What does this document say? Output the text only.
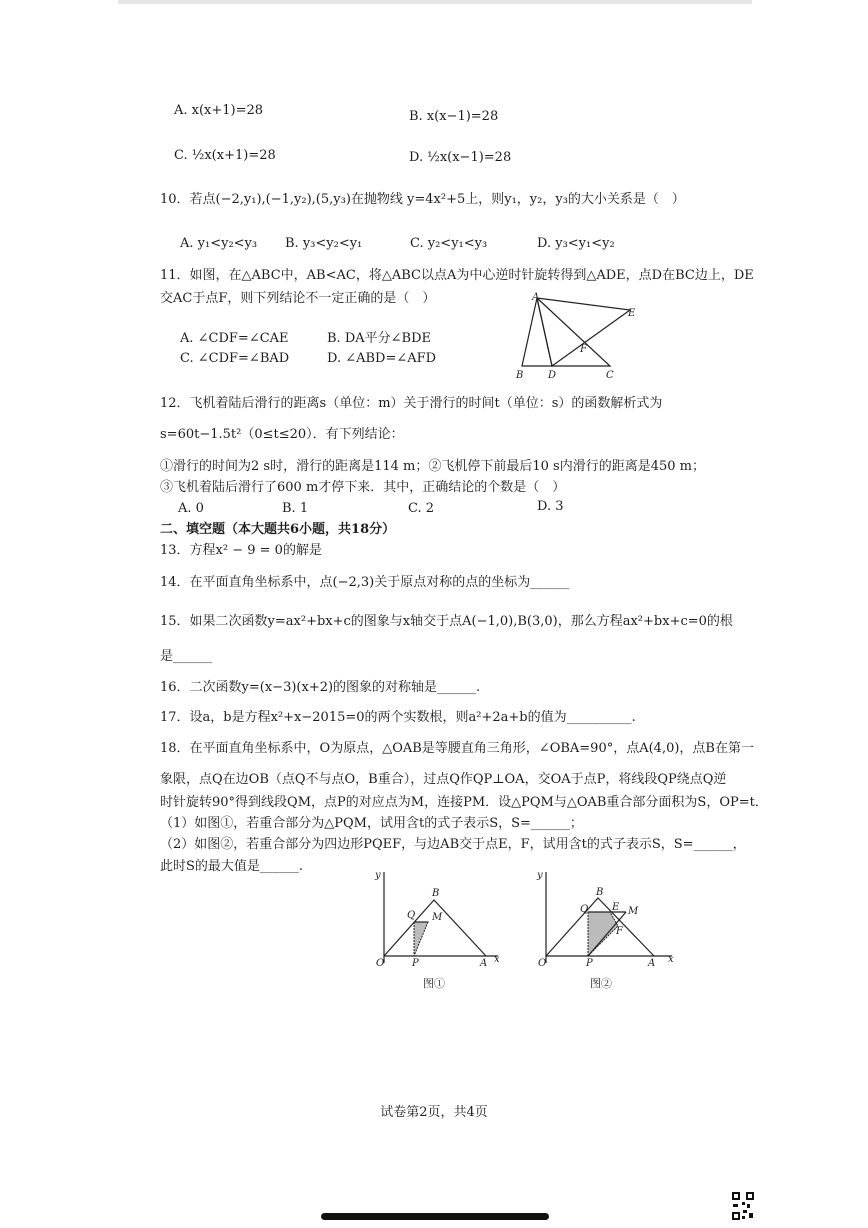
A. x(x+1)=28	B. x(x−1)=28
C. ½x(x+1)=28	D. ½x(x−1)=28
10．若点(−2,y₁),(−1,y₂),(5,y₃)在抛物线 y=4x²+5上，则y₁，y₂，y₃的大小关系是（　）
A. y₁<y₂<y₃ B. y₃<y₂<y₁	C. y₂<y₁<y₃	D. y₃<y₁<y₂
11．如图，在△ABC中，AB<AC，将△ABC以点A为中心逆时针旋转得到△ADE，点D在BC边上，DE
交AC于点F，则下列结论不一定正确的是（　）
A. ∠CDF=∠CAE	B. DA平分∠BDE
C. ∠CDF=∠BAD	D. ∠ABD=∠AFD
A
E
F
B D	C
12．飞机着陆后滑行的距离s（单位：m）关于滑行的时间t（单位：s）的函数解析式为
s=60t−1.5t²（0≤t≤20）．有下列结论：
①滑行的时间为2 s时，滑行的距离是114 m；②飞机停下前最后10 s内滑行的距离是450 m；
③飞机着陆后滑行了600 m才停下来．其中，正确结论的个数是（　）
A. 0	B. 1	C. 2	D. 3
二、填空题（本大题共6小题，共18分）
13．方程x² − 9 = 0的解是
14．在平面直角坐标系中，点(−2,3)关于原点对称的点的坐标为______
15．如果二次函数y=ax²+bx+c的图象与x轴交于点A(−1,0),B(3,0)，那么方程ax²+bx+c=0的根
是______
16．二次函数y=(x−3)(x+2)的图象的对称轴是______.
17．设a，b是方程x²+x−2015=0的两个实数根，则a²+2a+b的值为__________.
18．在平面直角坐标系中，O为原点，△OAB是等腰直角三角形，∠OBA=90°，点A(4,0)，点B在第一
象限，点Q在边OB（点Q不与点O，B重合），过点Q作QP⊥OA，交OA于点P，将线段QP绕点Q逆
时针旋转90°得到线段QM，点P的对应点为M，连接PM．设△PQM与△OAB重合部分面积为S，OP=t．
（1）如图①，若重合部分为△PQM，试用含t的式子表示S，S=______；
（2）如图②，若重合部分为四边形PQEF，与边AB交于点E，F，试用含t的式子表示S，S=______，
此时S的最大值是______.
y
B
Q M
O	P	A x
图①
y
B
Q E M
F
O	P	A x
图②
试卷第2页，共4页
